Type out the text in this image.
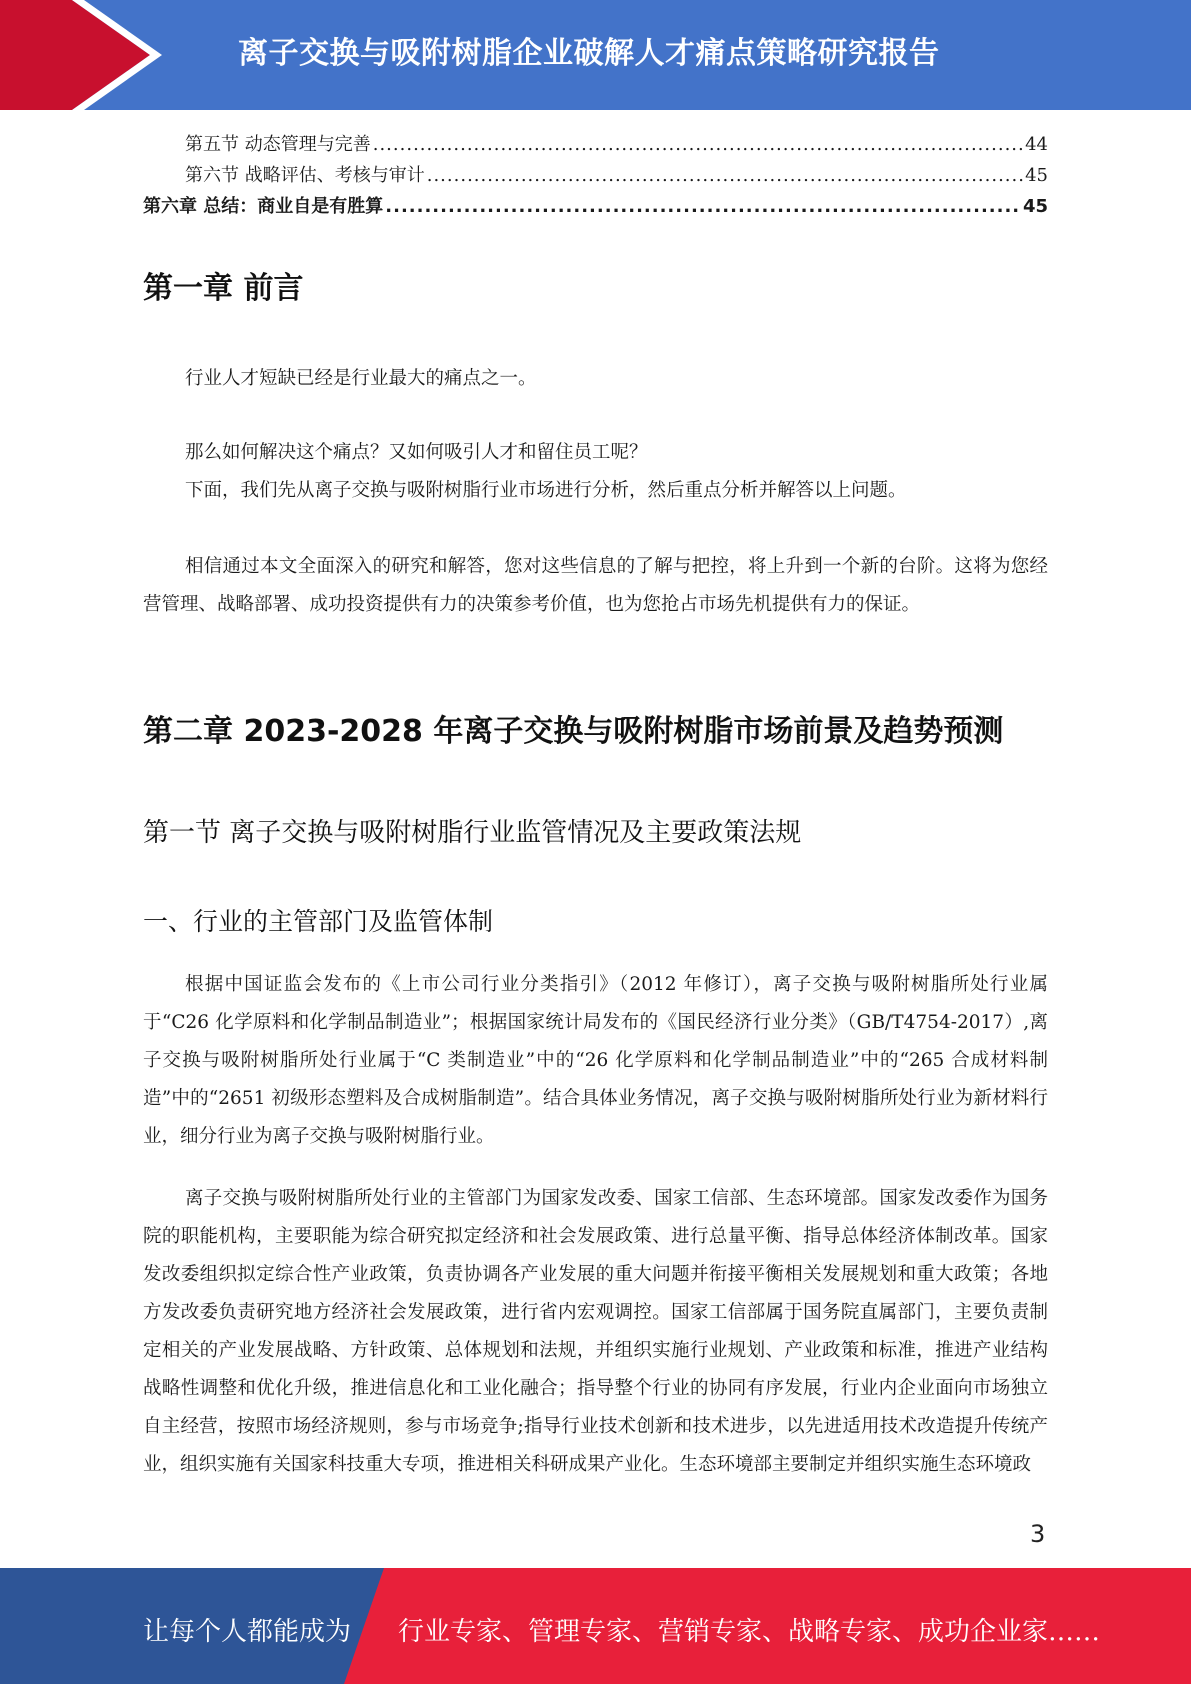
离子交换与吸附树脂企业破解人才痛点策略研究报告
第五节 动态管理与完善 .....	44
第六节 战略评估、考核与审计 .....	45
第六章 总结：商业自是有胜算 .....	45
第一章 前言

行业人才短缺已经是行业最大的痛点之一。

那么如何解决这个痛点？又如何吸引人才和留住员工呢？

下面，我们先从离子交换与吸附树脂行业市场进行分析，然后重点分析并解答以上问题。

相信通过本文全面深入的研究和解答，您对这些信息的了解与把控，将上升到一个新的台阶。这将为您经营管理、战略部署、成功投资提供有力的决策参考价值，也为您抢占市场先机提供有力的保证。

第二章 2023-2028 年离子交换与吸附树脂市场前景及趋势预测
第一节 离子交换与吸附树脂行业监管情况及主要政策法规
一、行业的主管部门及监管体制

根据中国证监会发布的《上市公司行业分类指引》（2012 年修订），离子交换与吸附树脂所处行业属于“C26 化学原料和化学制品制造业”；根据国家统计局发布的《国民经济行业分类》（GB/T4754-2017）,离子交换与吸附树脂所处行业属于“C 类制造业”中的“26 化学原料和化学制品制造业”中的“265 合成材料制造”中的“2651 初级形态塑料及合成树脂制造”。结合具体业务情况，离子交换与吸附树脂所处行业为新材料行业，细分行业为离子交换与吸附树脂行业。

离子交换与吸附树脂所处行业的主管部门为国家发改委、国家工信部、生态环境部。国家发改委作为国务院的职能机构，主要职能为综合研究拟定经济和社会发展政策、进行总量平衡、指导总体经济体制改革。国家发改委组织拟定综合性产业政策，负责协调各产业发展的重大问题并衔接平衡相关发展规划和重大政策；各地方发改委负责研究地方经济社会发展政策，进行省内宏观调控。国家工信部属于国务院直属部门，主要负责制定相关的产业发展战略、方针政策、总体规划和法规，并组织实施行业规划、产业政策和标准，推进产业结构战略性调整和优化升级，推进信息化和工业化融合；指导整个行业的协同有序发展，行业内企业面向市场独立自主经营，按照市场经济规则，参与市场竞争;指导行业技术创新和技术进步，以先进适用技术改造提升传统产业，组织实施有关国家科技重大专项，推进相关科研成果产业化。生态环境部主要制定并组织实施生态环境政

3
让每个人都能成为 行业专家、管理专家、营销专家、战略专家、成功企业家……
